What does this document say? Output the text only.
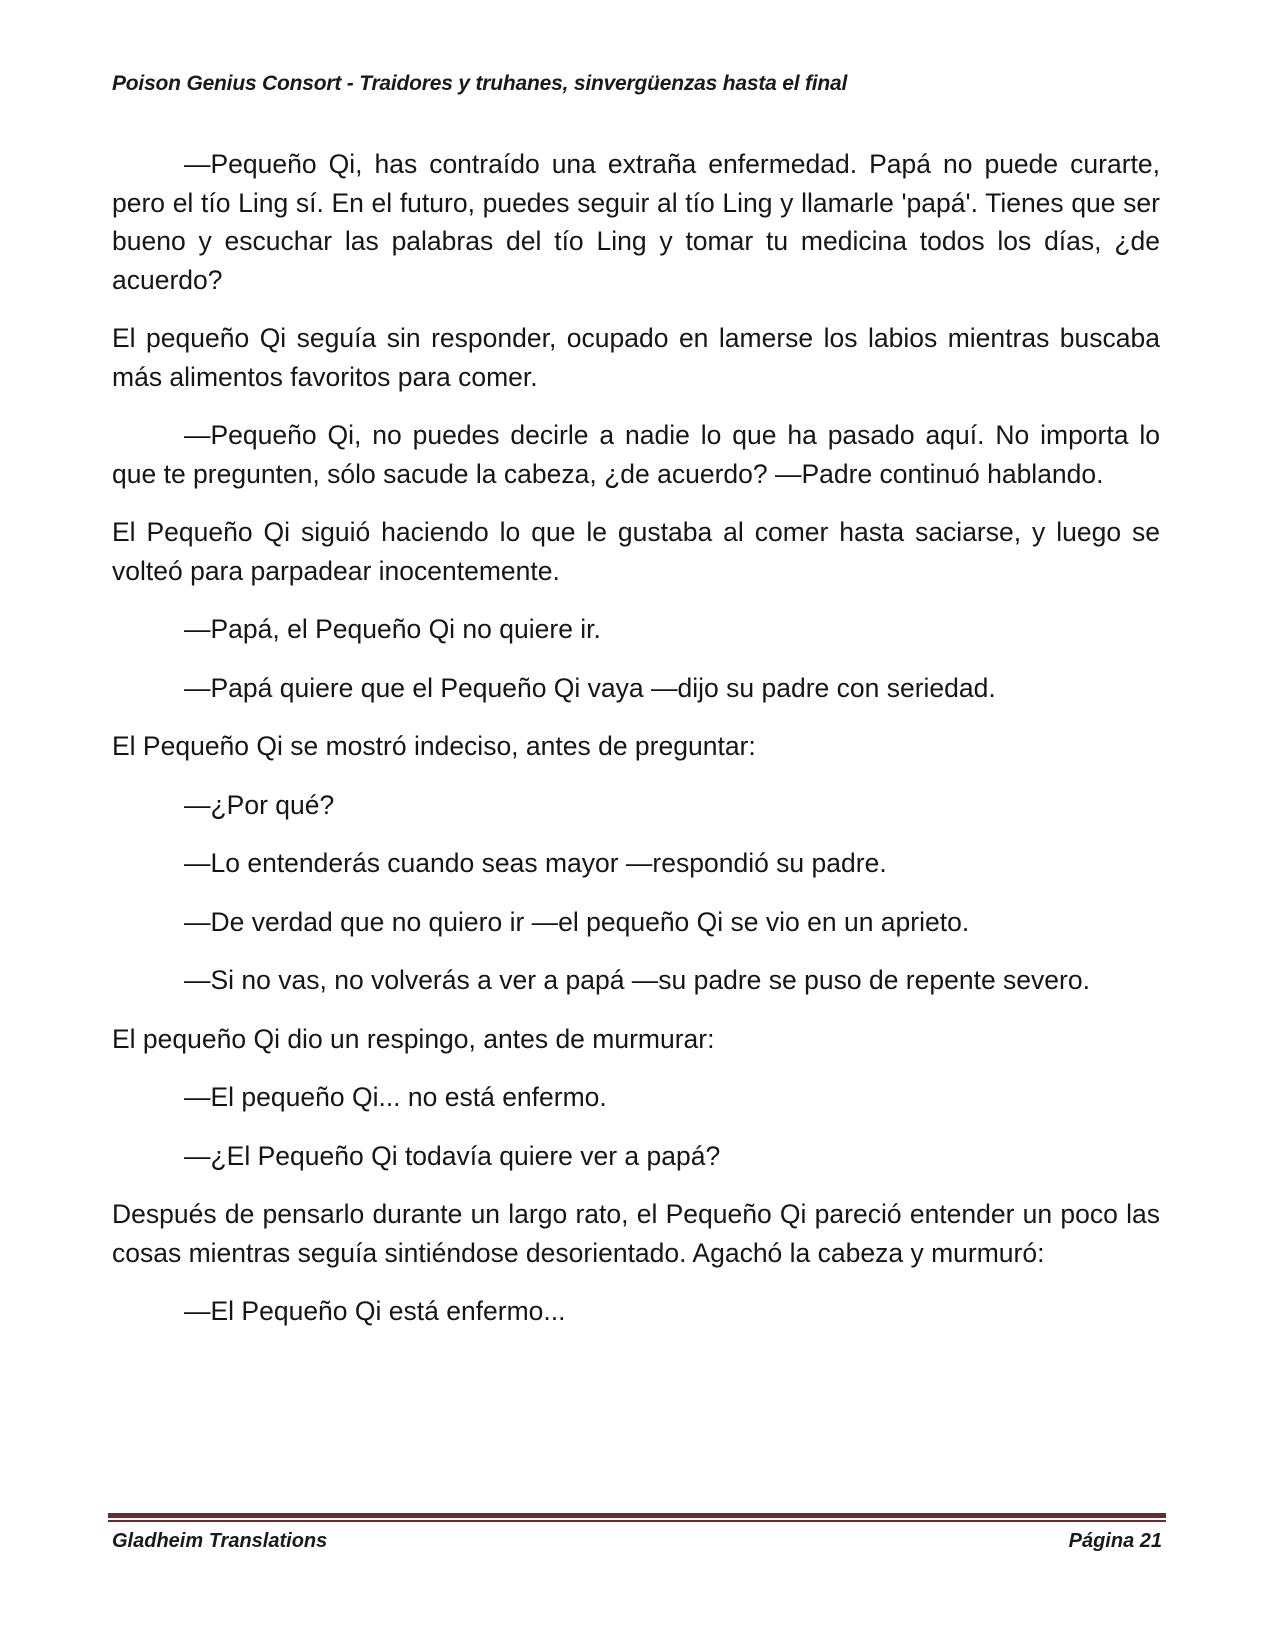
Poison Genius Consort - Traidores y truhanes, sinvergüenzas hasta el final

—Pequeño Qi, has contraído una extraña enfermedad. Papá no puede curarte, pero el tío Ling sí. En el futuro, puedes seguir al tío Ling y llamarle 'papá'. Tienes que ser bueno y escuchar las palabras del tío Ling y tomar tu medicina todos los días, ¿de acuerdo?

El pequeño Qi seguía sin responder, ocupado en lamerse los labios mientras buscaba más alimentos favoritos para comer.

—Pequeño Qi, no puedes decirle a nadie lo que ha pasado aquí. No importa lo que te pregunten, sólo sacude la cabeza, ¿de acuerdo? —Padre continuó hablando.

El Pequeño Qi siguió haciendo lo que le gustaba al comer hasta saciarse, y luego se volteó para parpadear inocentemente.

—Papá, el Pequeño Qi no quiere ir.

—Papá quiere que el Pequeño Qi vaya —dijo su padre con seriedad.

El Pequeño Qi se mostró indeciso, antes de preguntar:

—¿Por qué?

—Lo entenderás cuando seas mayor —respondió su padre.

—De verdad que no quiero ir —el pequeño Qi se vio en un aprieto.

—Si no vas, no volverás a ver a papá —su padre se puso de repente severo.

El pequeño Qi dio un respingo, antes de murmurar:

—El pequeño Qi... no está enfermo.

—¿El Pequeño Qi todavía quiere ver a papá?

Después de pensarlo durante un largo rato, el Pequeño Qi pareció entender un poco las cosas mientras seguía sintiéndose desorientado. Agachó la cabeza y murmuró:

—El Pequeño Qi está enfermo...

Gladheim Translations	Página 21
